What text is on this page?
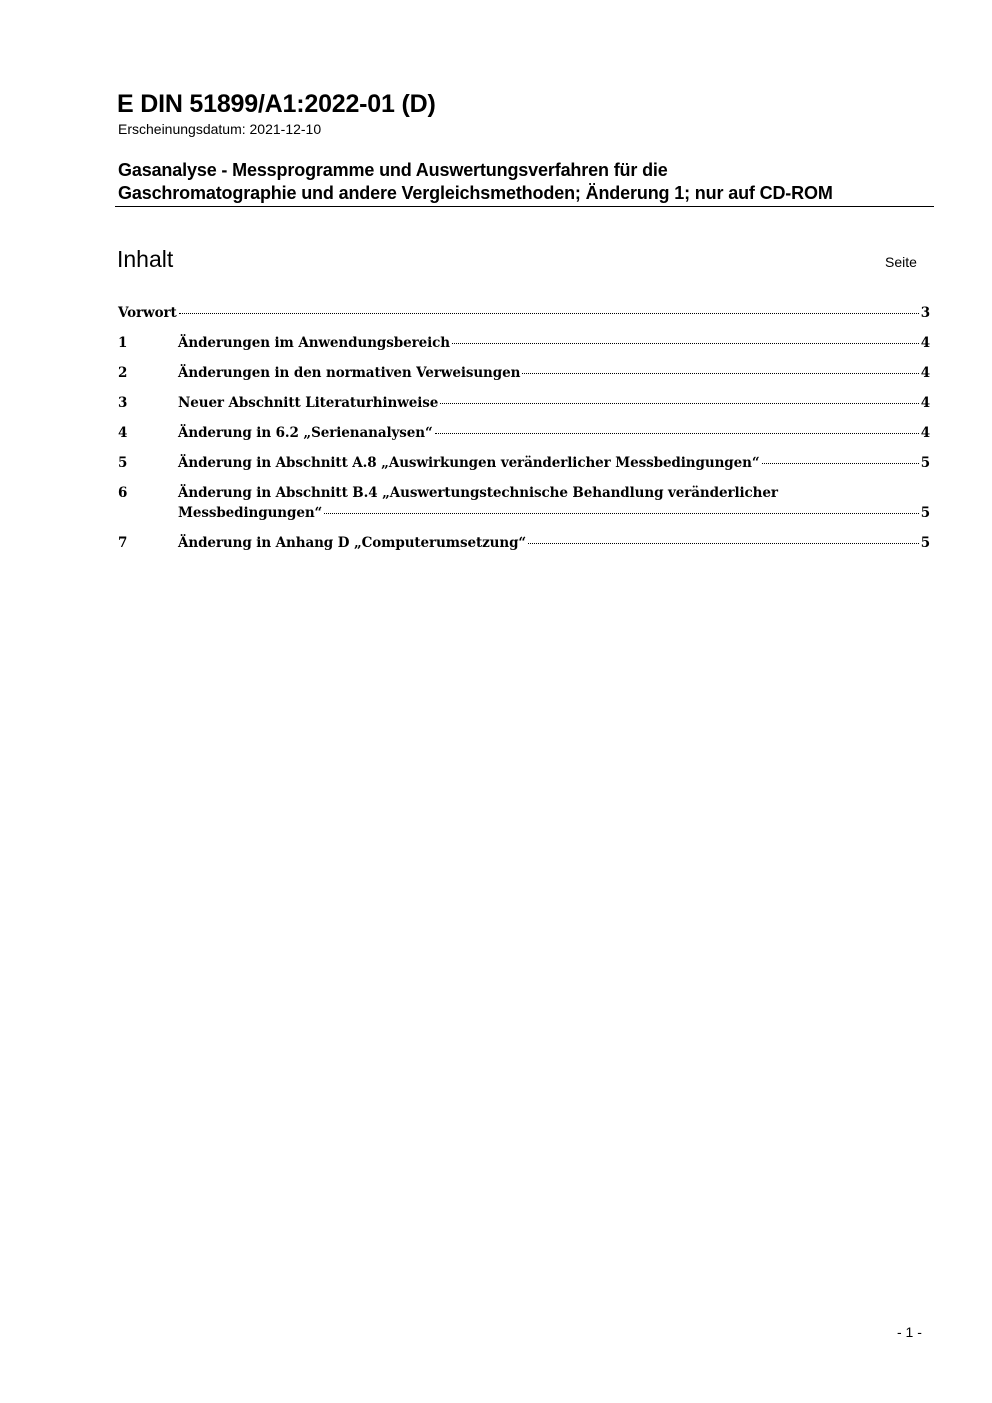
E DIN 51899/A1:2022-01 (D)
Erscheinungsdatum: 2021-12-10
Gasanalyse - Messprogramme und Auswertungsverfahren für die
Gaschromatographie und andere Vergleichsmethoden; Änderung 1; nur auf CD-ROM
Inhalt	Seite
Vorwort	3
1	Änderungen im Anwendungsbereich	4
2	Änderungen in den normativen Verweisungen	4
3	Neuer Abschnitt Literaturhinweise	4
4	Änderung in 6.2 „Serienanalysen“	4
5	Änderung in Abschnitt A.8 „Auswirkungen veränderlicher Messbedingungen“	5
6	Änderung in Abschnitt B.4 „Auswertungstechnische Behandlung veränderlicher
Messbedingungen“	5
7	Änderung in Anhang D „Computerumsetzung“	5
- 1 -
